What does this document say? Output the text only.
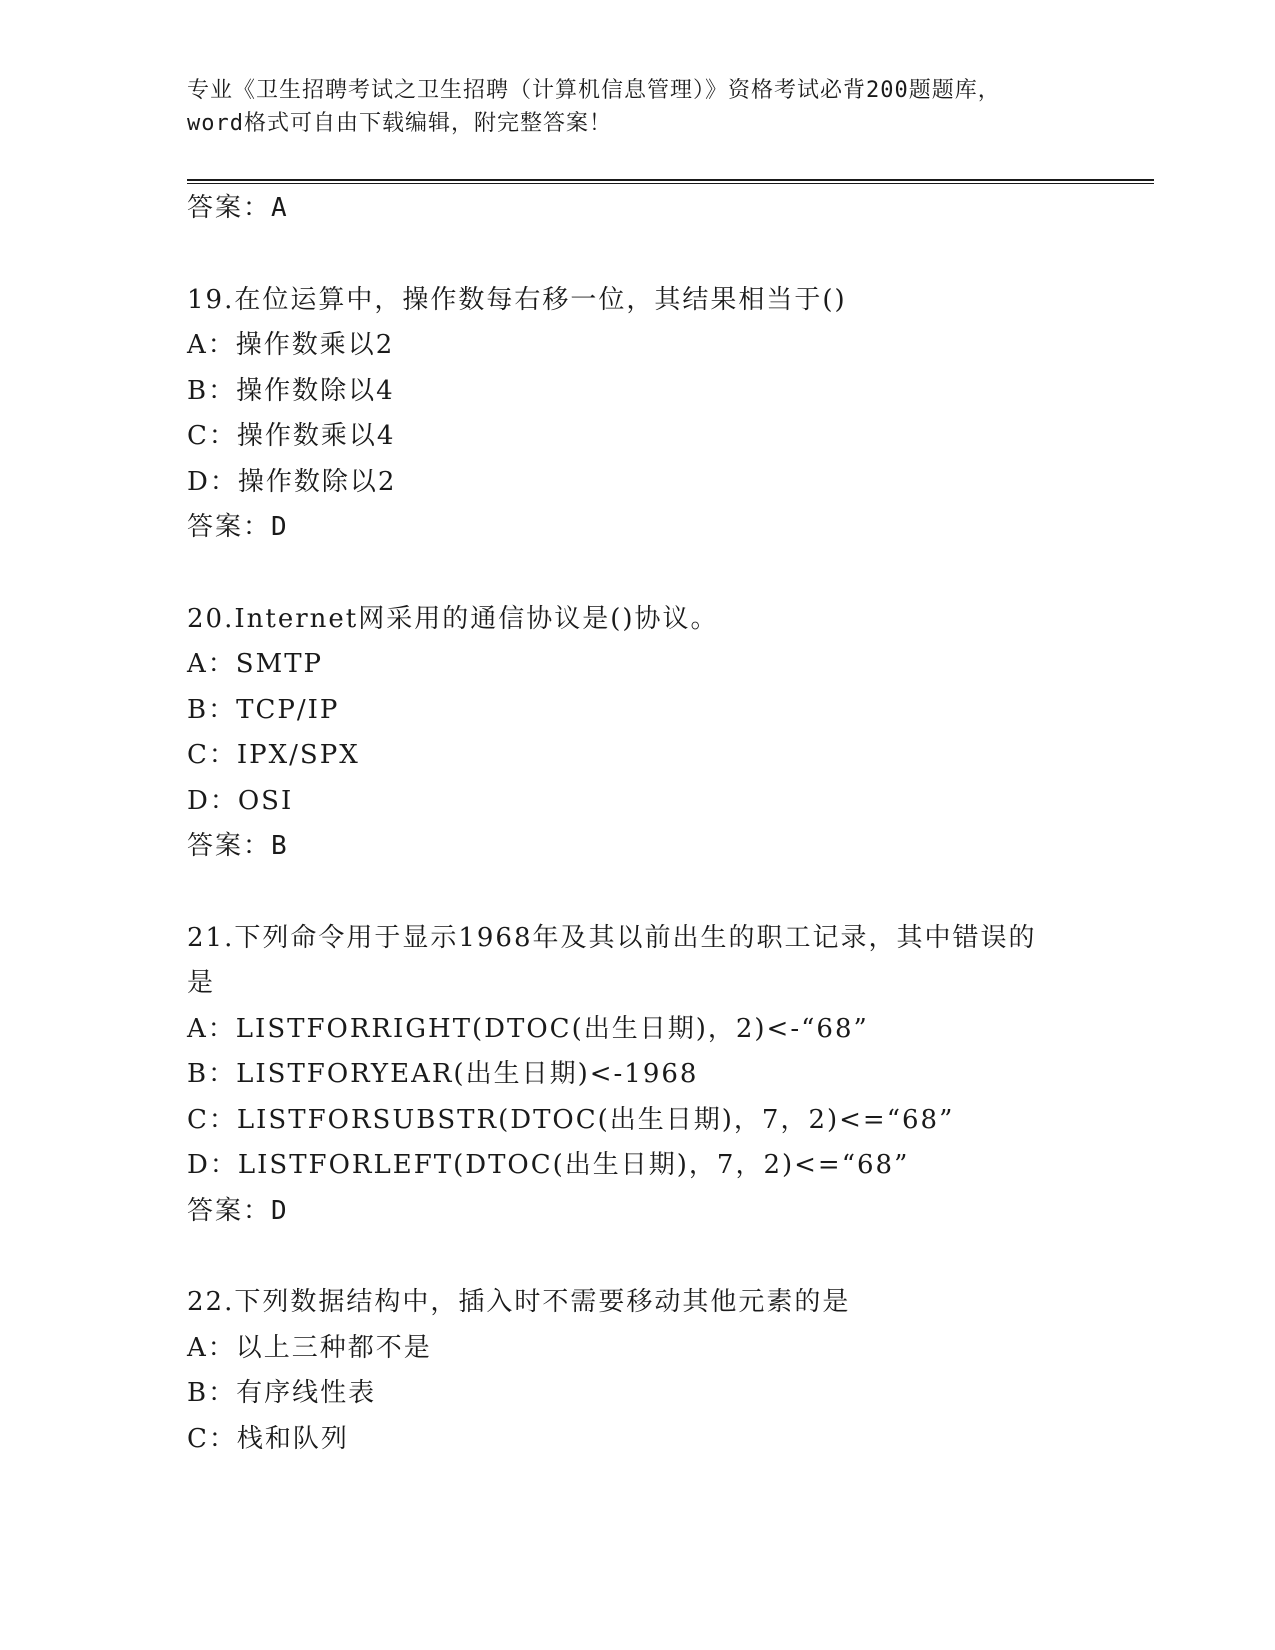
专业《卫生招聘考试之卫生招聘（计算机信息管理）》资格考试必背200题题库，
word格式可自由下载编辑，附完整答案！
答案：A
19.在位运算中，操作数每右移一位，其结果相当于()
A：操作数乘以2
B：操作数除以4
C：操作数乘以4
D：操作数除以2
答案：D
20.Internet网采用的通信协议是()协议。
A：SMTP
B：TCP/IP
C：IPX/SPX
D：OSI
答案：B
21.下列命令用于显示1968年及其以前出生的职工记录，其中错误的
是
A：LISTFORRIGHT(DTOC(出生日期)，2)<-“68”
B：LISTFORYEAR(出生日期)<-1968
C：LISTFORSUBSTR(DTOC(出生日期)，7，2)<=“68”
D：LISTFORLEFT(DTOC(出生日期)，7，2)<=“68”
答案：D
22.下列数据结构中，插入时不需要移动其他元素的是
A：以上三种都不是
B：有序线性表
C：栈和队列
